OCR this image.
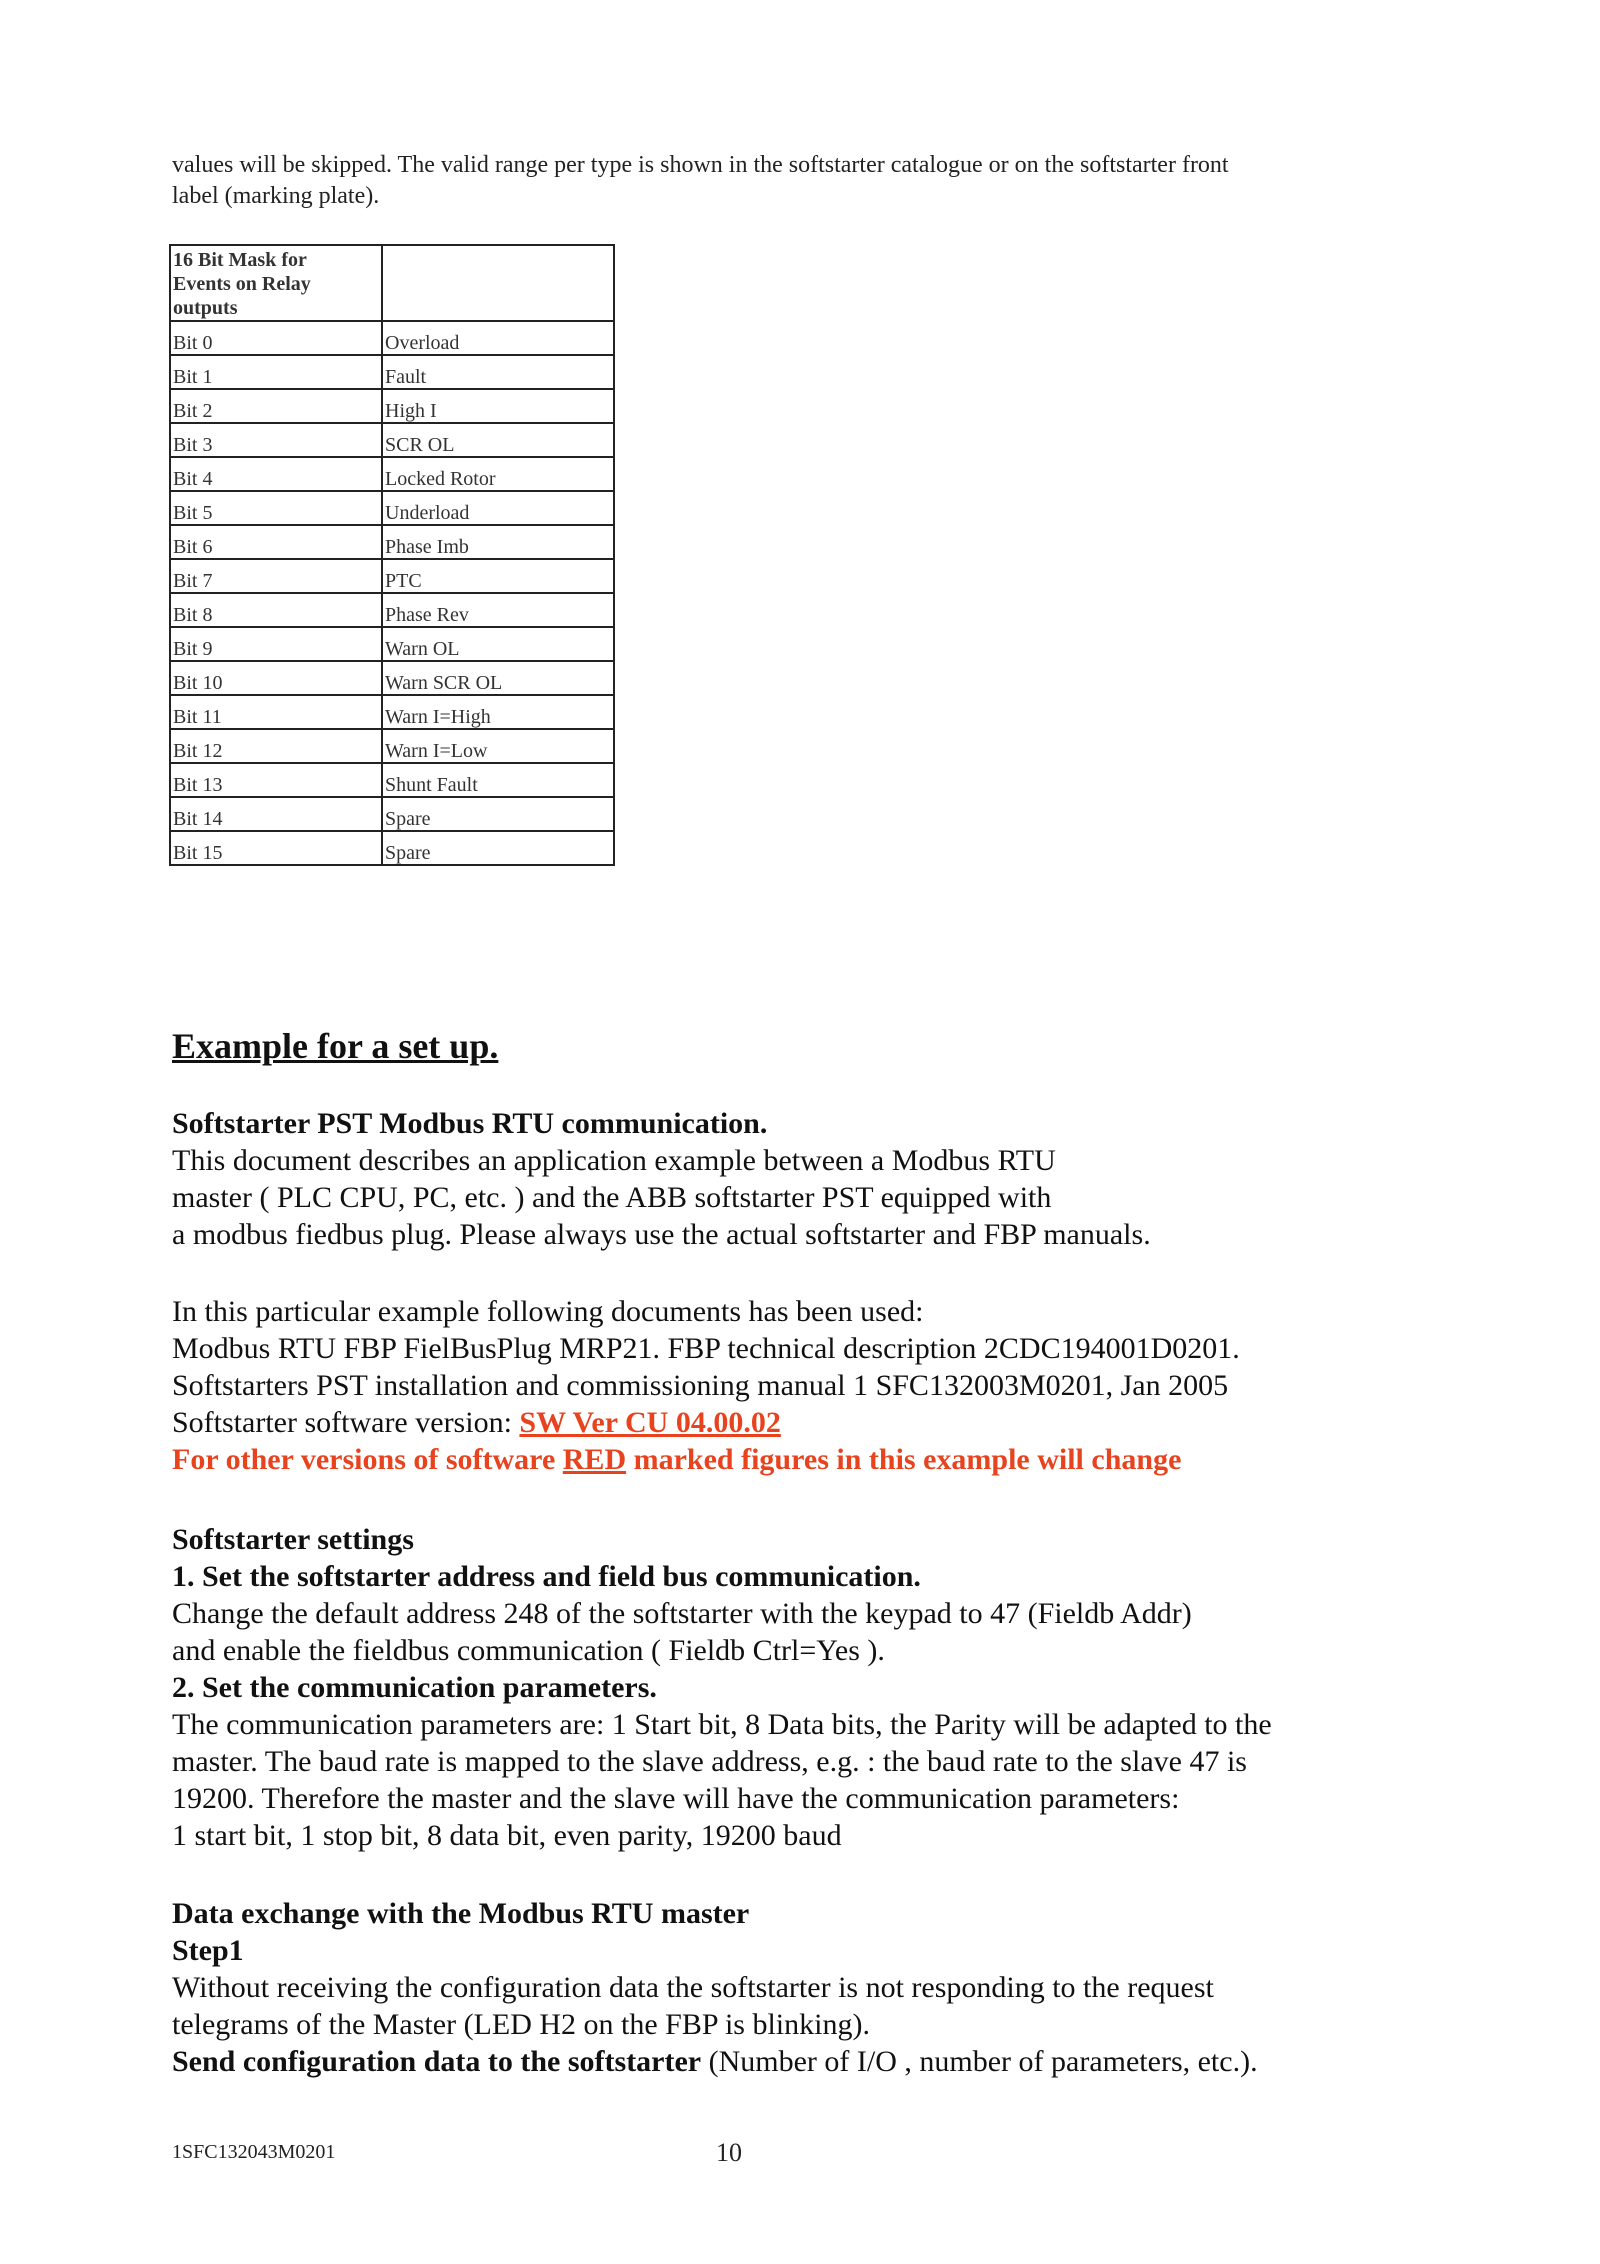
values will be skipped. The valid range per type is shown in the softstarter catalogue or on the softstarter front
label (marking plate).
16 Bit Mask for
Events on Relay
outputs	

Bit 0	Overload
Bit 1	Fault
Bit 2	High I
Bit 3	SCR OL
Bit 4	Locked Rotor
Bit 5	Underload
Bit 6	Phase Imb
Bit 7	PTC
Bit 8	Phase Rev
Bit 9	Warn OL
Bit 10	Warn SCR OL
Bit 11	Warn I=High
Bit 12	Warn I=Low
Bit 13	Shunt Fault
Bit 14	Spare
Bit 15	Spare
Example for a set up.

Softstarter PST Modbus RTU communication.

This document describes an application example between a Modbus RTU

master ( PLC CPU, PC, etc. ) and the ABB softstarter PST equipped with

a modbus fiedbus plug. Please always use the actual softstarter and FBP manuals.

In this particular example following documents has been used:

Modbus RTU FBP FielBusPlug MRP21. FBP technical description 2CDC194001D0201.

Softstarters PST installation and commissioning manual 1 SFC132003M0201, Jan 2005

Softstarter software version: SW Ver CU 04.00.02

For other versions of software RED marked figures in this example will change

Softstarter settings

1. Set the softstarter address and field bus communication.

Change the default address 248 of the softstarter with the keypad to 47 (Fieldb Addr)

and enable the fieldbus communication ( Fieldb Ctrl=Yes ).

2. Set the communication parameters.

The communication parameters are: 1 Start bit, 8 Data bits, the Parity will be adapted to the

master. The baud rate is mapped to the slave address, e.g. : the baud rate to the slave 47 is

19200. Therefore the master and the slave will have the communication parameters:

1 start bit, 1 stop bit, 8 data bit, even parity, 19200 baud

Data exchange with the Modbus RTU master

Step1

Without receiving the configuration data the softstarter is not responding to the request

telegrams of the Master (LED H2 on the FBP is blinking).

Send configuration data to the softstarter (Number of I/O , number of parameters, etc.).

1SFC132043M0201	10
